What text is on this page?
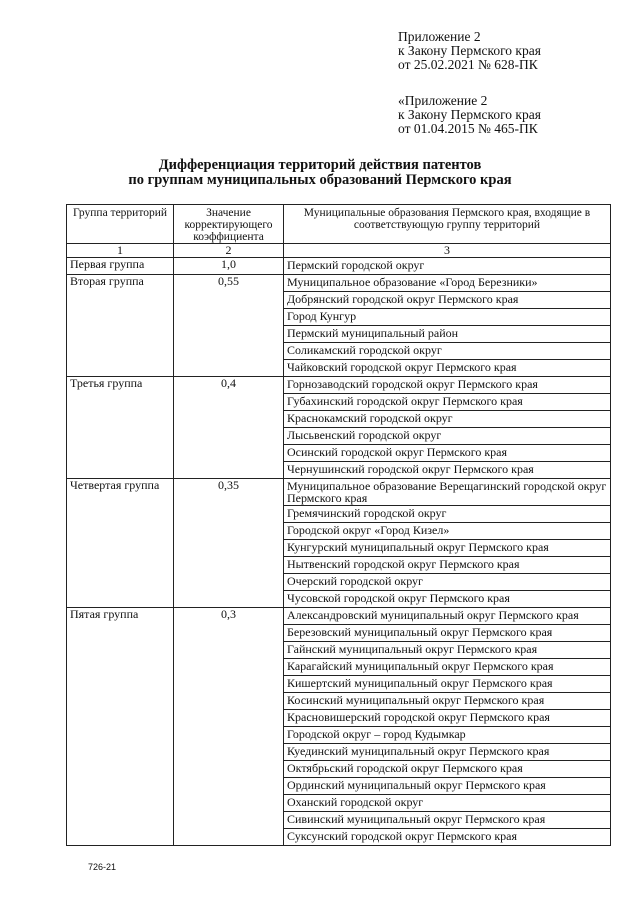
Приложение 2
к Закону Пермского края
от 25.02.2021 № 628-ПК
«Приложение 2
к Закону Пермского края
от 01.04.2015 № 465-ПК
Дифференциация территорий действия патентов
по группам муниципальных образований Пермского края
Группа территорий	Значение корректирующего коэффициента	Муниципальные образования Пермского края, входящие в соответствующую группу территорий
1	2	3
Первая группа	1,0	Пермский городской округ
Вторая группа	0,55	Муниципальное образование «Город Березники»
		Добрянский городской округ Пермского края
		Город Кунгур
		Пермский муниципальный район
		Соликамский городской округ
		Чайковский городской округ Пермского края
Третья группа	0,4	Горнозаводский городской округ Пермского края
		Губахинский городской округ Пермского края
		Краснокамский городской округ
		Лысьвенский городской округ
		Осинский городской округ Пермского края
		Чернушинский городской округ Пермского края
Четвертая группа	0,35	Муниципальное образование Верещагинский городской округ Пермского края
		Гремячинский городской округ
		Городской округ «Город Кизел»
		Кунгурский муниципальный округ Пермского края
		Нытвенский городской округ Пермского края
		Очерский городской округ
		Чусовской городской округ Пермского края
Пятая группа	0,3	Александровский муниципальный округ Пермского края
		Березовский муниципальный округ Пермского края
		Гайнский муниципальный округ Пермского края
		Карагайский муниципальный округ Пермского края
		Кишертский муниципальный округ Пермского края
		Косинский муниципальный округ Пермского края
		Красновишерский городской округ Пермского края
		Городской округ – город Кудымкар
		Куединский муниципальный округ Пермского края
		Октябрьский городской округ Пермского края
		Ординский муниципальный округ Пермского края
		Оханский городской округ
		Сивинский муниципальный округ Пермского края
		Суксунский городской округ Пермского края
726-21
